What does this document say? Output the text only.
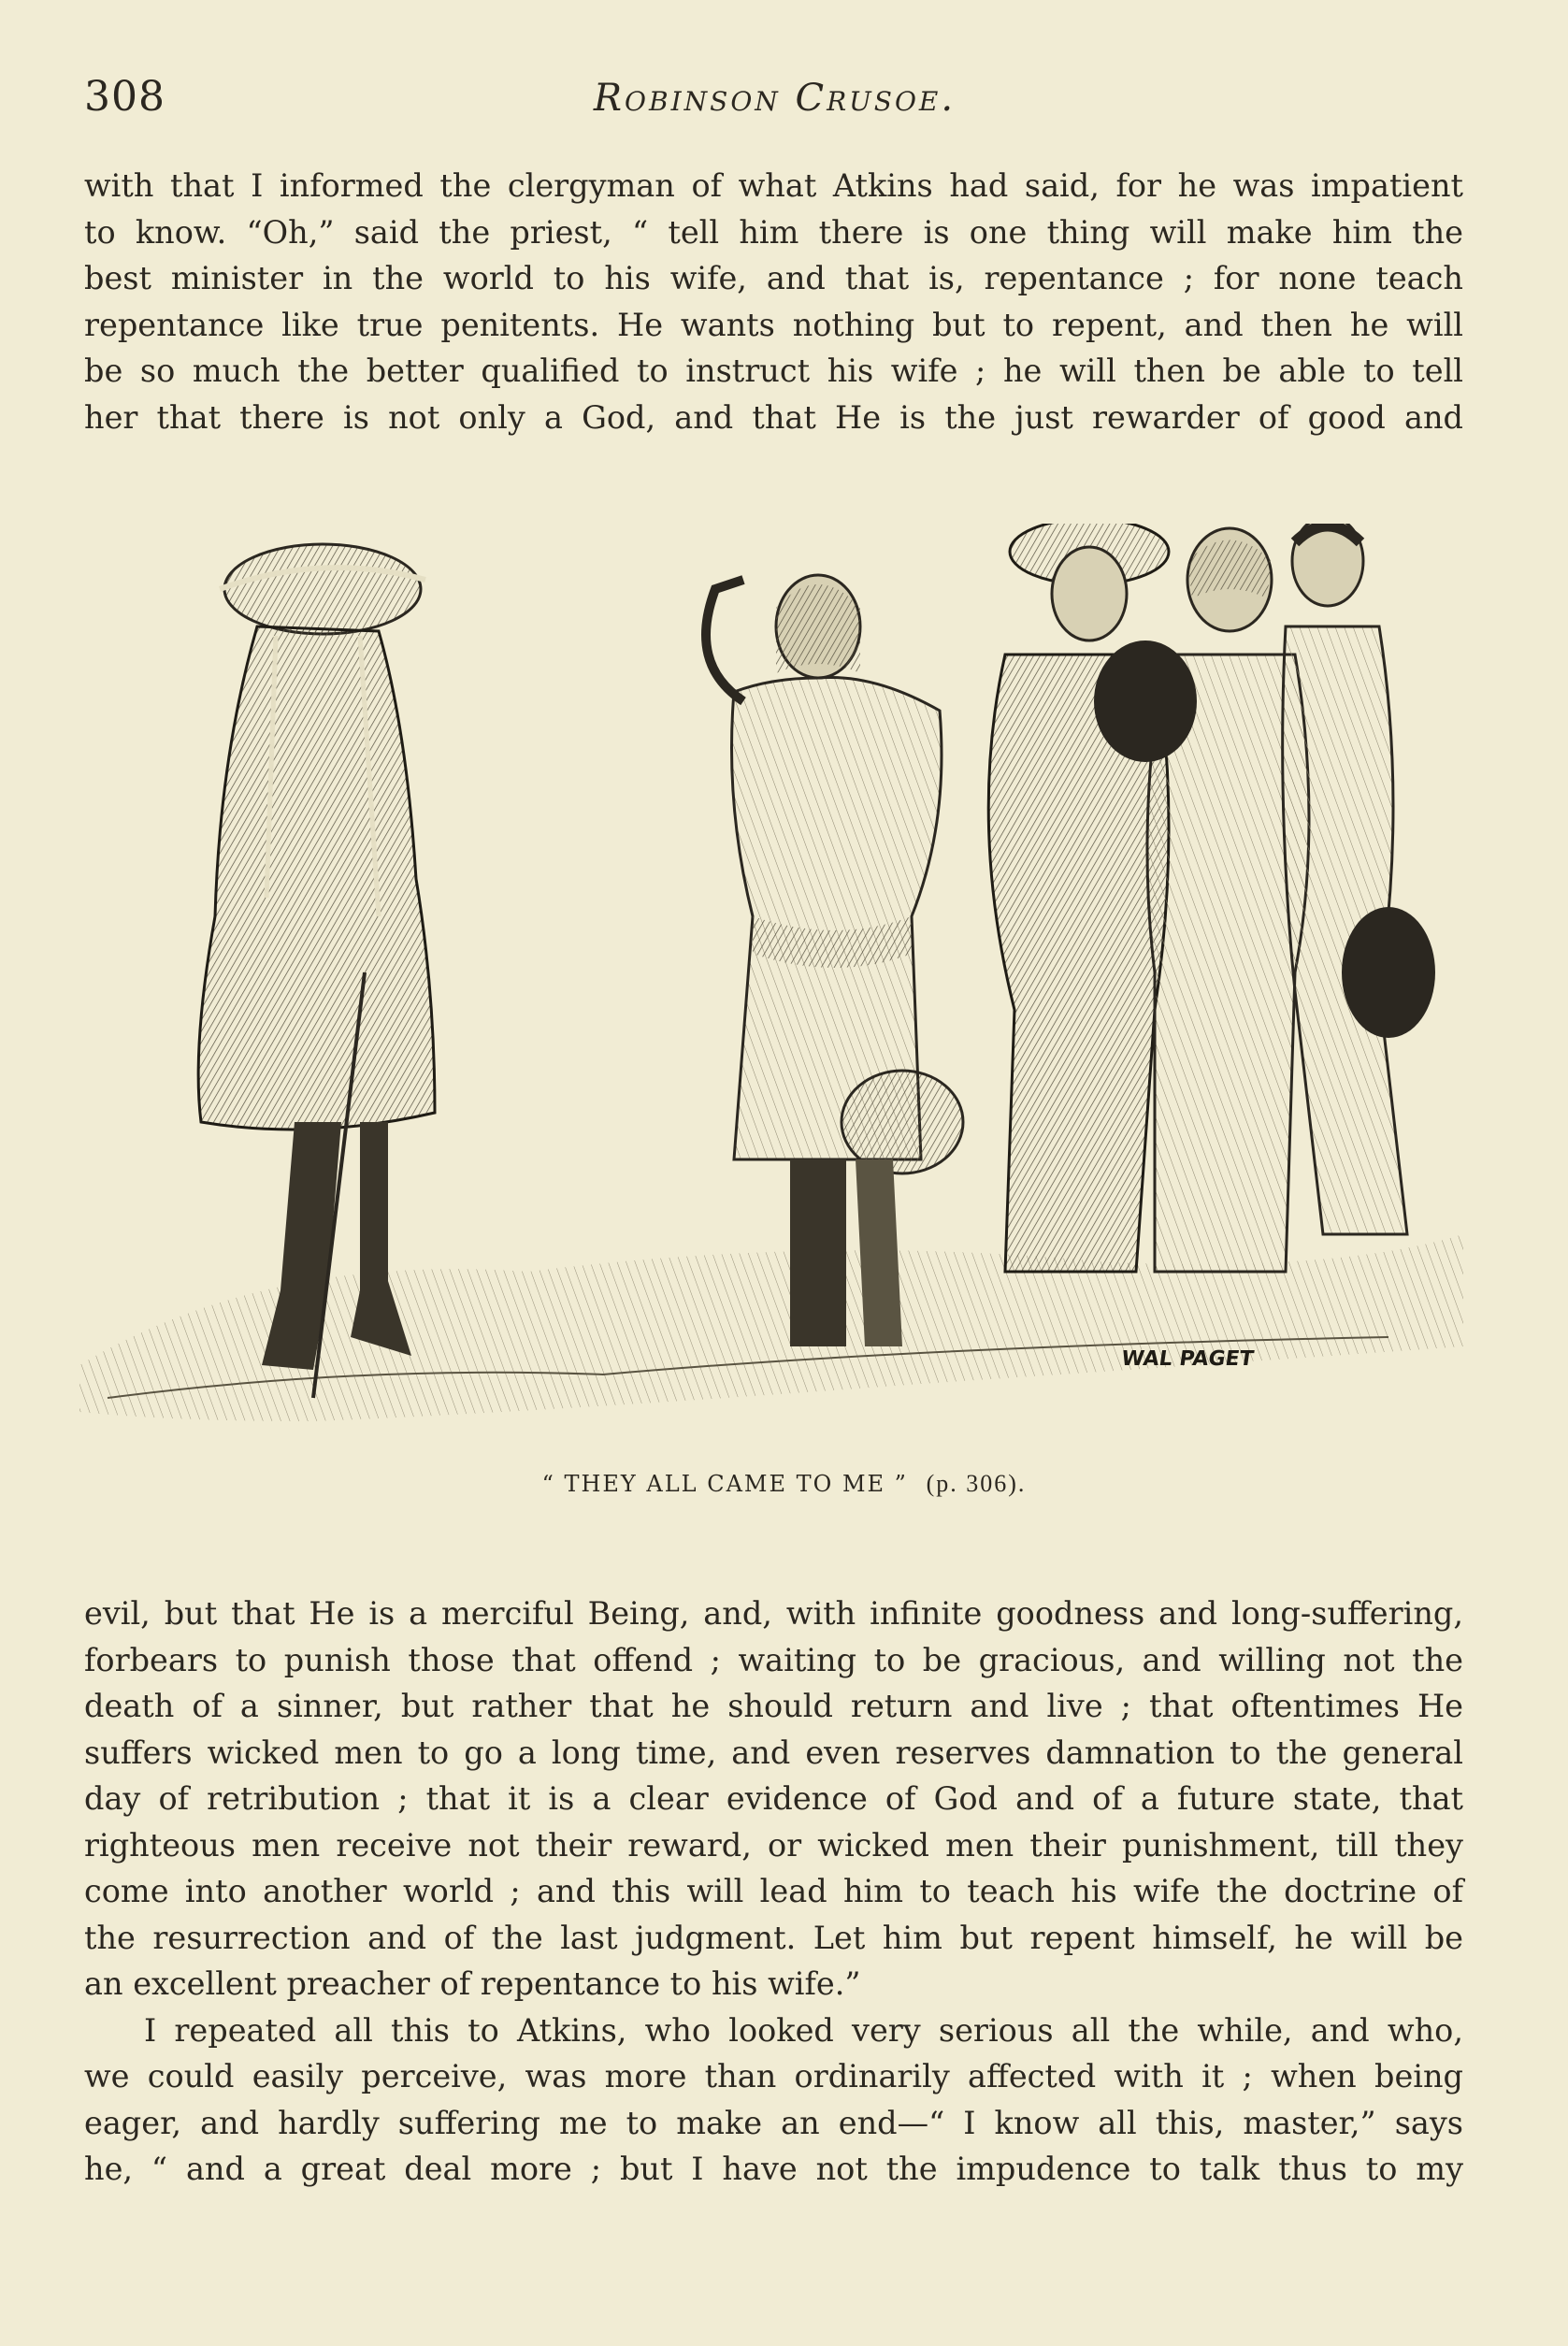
308	Robinson Crusoe.
with that I informed the clergyman of what Atkins had said, for he was impatient
to know. “Oh,” said the priest, “ tell him there is one thing will make him the
best minister in the world to his wife, and that is, repentance ; for none teach
repentance like true penitents. He wants nothing but to repent, and then he will
be so much the better qualified to instruct his wife ; he will then be able to tell
her that there is not only a God, and that He is the just rewarder of good and
WAL PAGET
“ THEY ALL CAME TO ME ” (p. 306).
evil, but that He is a merciful Being, and, with infinite goodness and long-suffering,
forbears to punish those that offend ; waiting to be gracious, and willing not the
death of a sinner, but rather that he should return and live ; that oftentimes He
suffers wicked men to go a long time, and even reserves damnation to the general
day of retribution ; that it is a clear evidence of God and of a future state, that
righteous men receive not their reward, or wicked men their punishment, till they
come into another world ; and this will lead him to teach his wife the doctrine of
the resurrection and of the last judgment. Let him but repent himself, he will be
an excellent preacher of repentance to his wife.”
I repeated all this to Atkins, who looked very serious all the while, and who,
we could easily perceive, was more than ordinarily affected with it ; when being
eager, and hardly suffering me to make an end—“ I know all this, master,” says
he, “ and a great deal more ; but I have not the impudence to talk thus to my
